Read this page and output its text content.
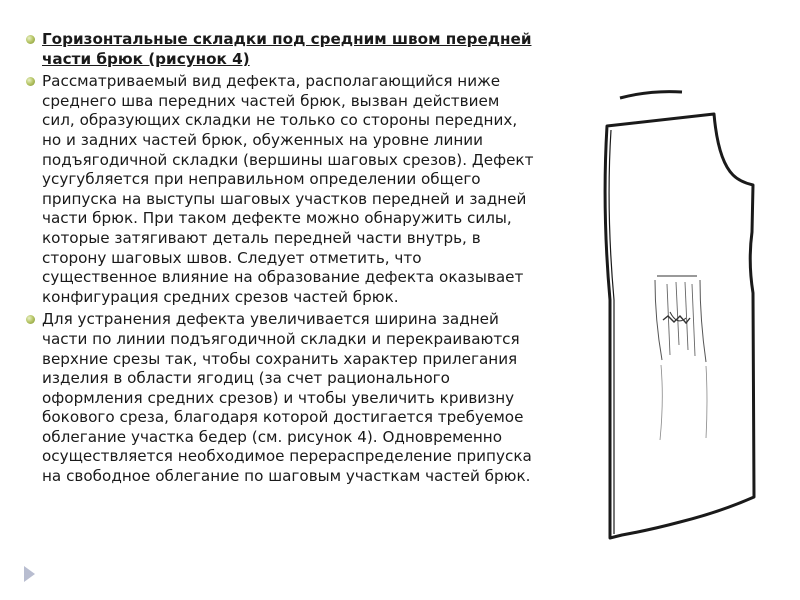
Горизонтальные складки под средним швом передней части брюк (рисунок 4)
Рассматриваемый вид дефекта, располагающийся ниже среднего шва передних частей брюк, вызван действием сил, образующих складки не только со стороны передних, но и задних частей брюк, обуженных на уровне линии подъягодичной складки (вершины шаговых срезов). Дефект усугубляется при неправильном определении общего припуска на выступы шаговых участков передней и задней части брюк. При таком дефекте можно обнаружить силы, которые затягивают деталь передней части внутрь, в сторону шаговых швов. Следует отметить, что существенное влияние на образование дефекта оказывает конфигурация средних срезов частей брюк.
Для устранения дефекта увеличивается ширина задней части по линии подъягодичной складки и перекраиваются верхние срезы так, чтобы сохранить характер прилегания изделия в области ягодиц (за счет рационального оформления средних срезов) и чтобы увеличить кривизну бокового среза, благодаря которой достигается требуемое облегание участка бедер (см. рисунок 4). Одновременно осуществляется необходимое перераспределение припуска на свободное облегание по шаговым участкам частей брюк.
